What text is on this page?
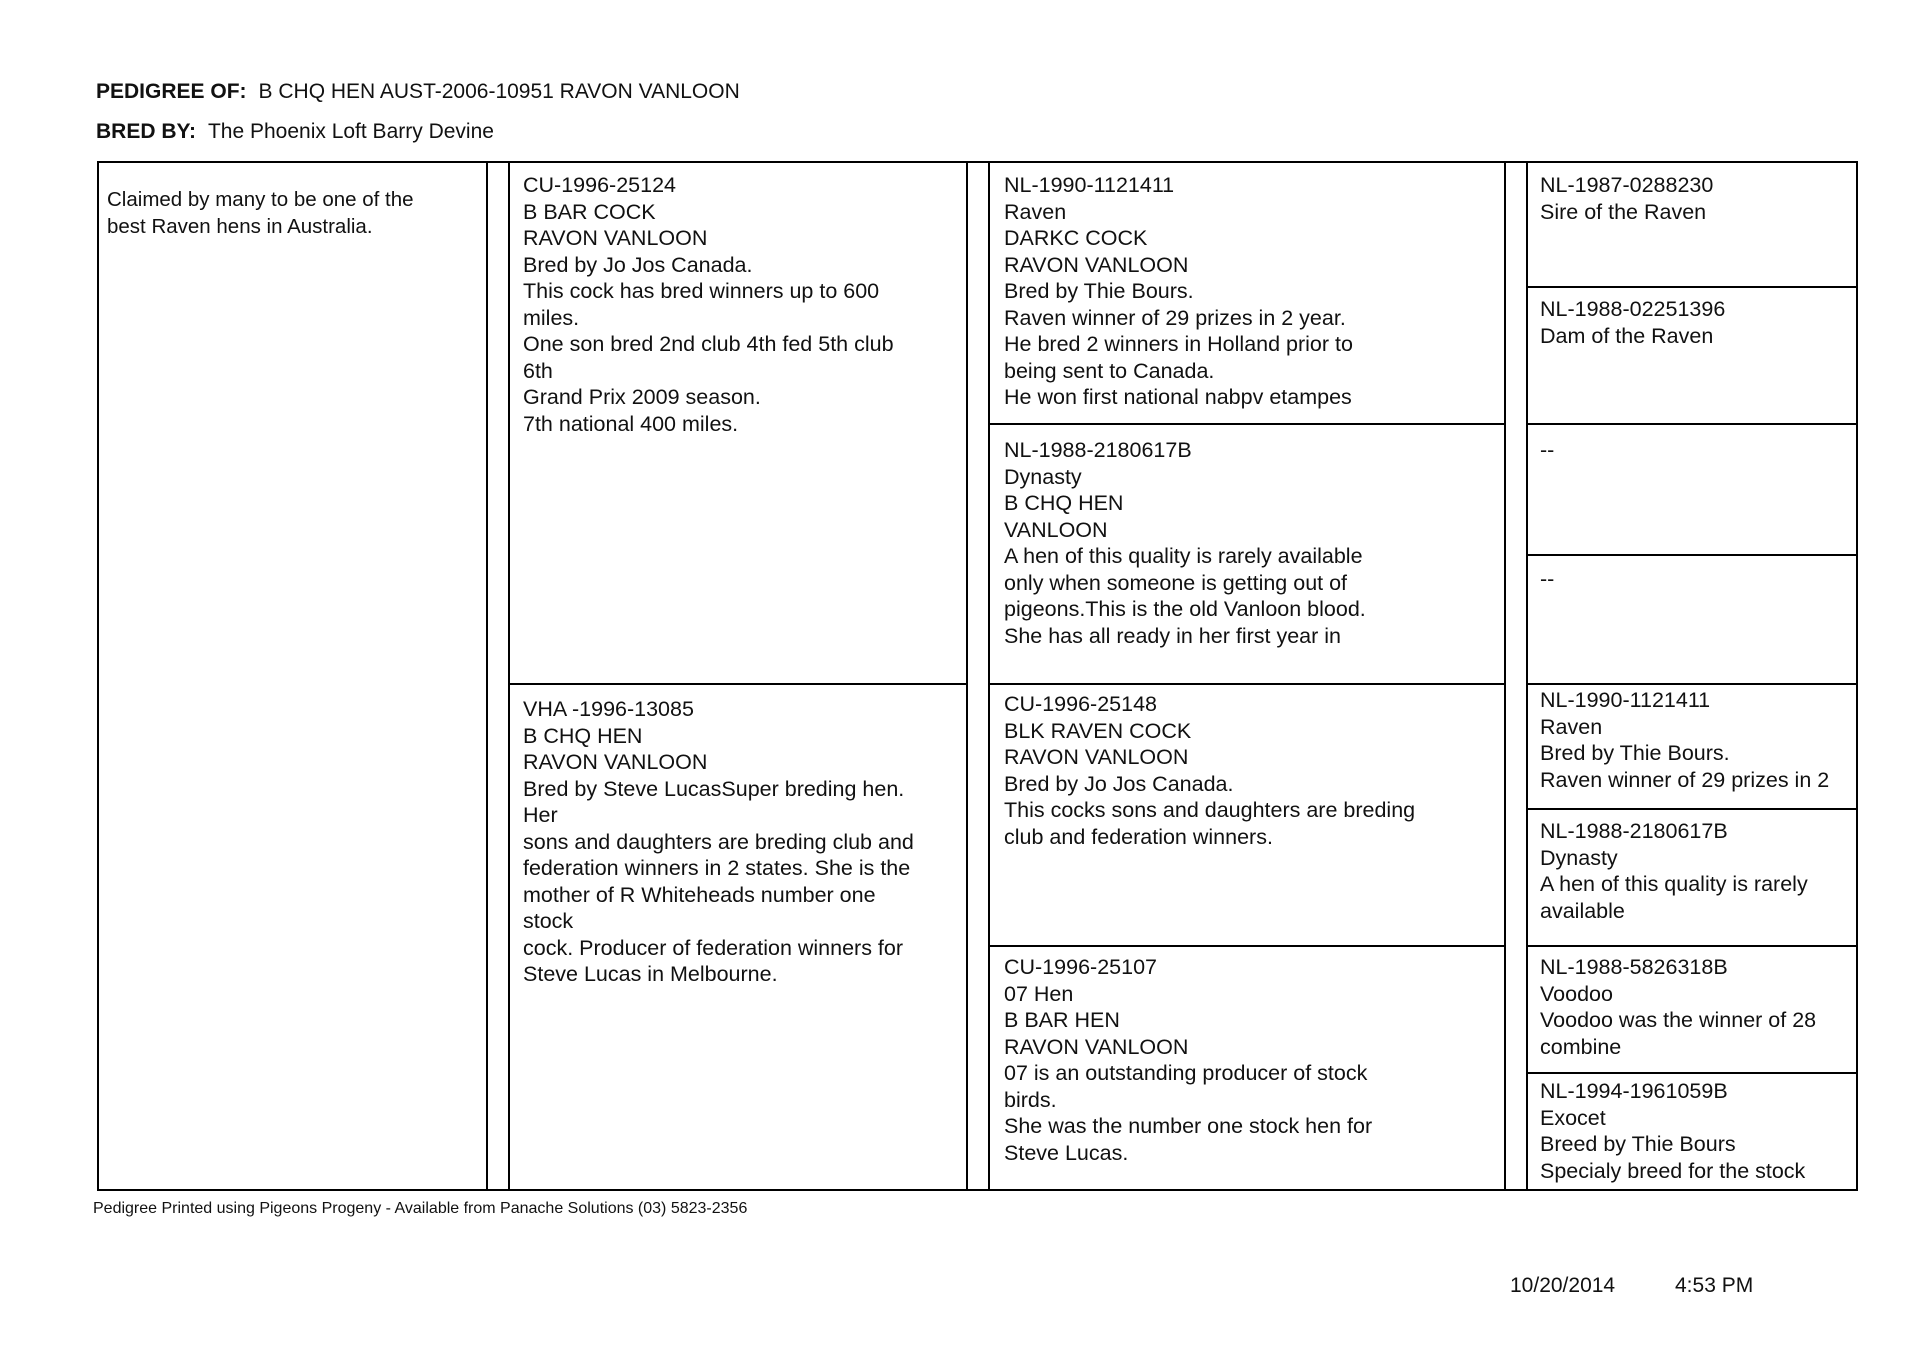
PEDIGREE OF: B CHQ HEN AUST-2006-10951 RAVON VANLOON
BRED BY: The Phoenix Loft Barry Devine
Claimed by many to be one of the
best Raven hens in Australia.
CU-1996-25124
B BAR COCK
RAVON VANLOON
Bred by Jo Jos Canada.
This cock has bred winners up to 600
miles.
One son bred 2nd club 4th fed 5th club
6th
Grand Prix 2009 season.
7th national 400 miles.
VHA -1996-13085
B CHQ HEN
RAVON VANLOON
Bred by Steve LucasSuper breding hen.
Her
sons and daughters are breding club and
federation winners in 2 states. She is the
mother of R Whiteheads number one
stock
cock. Producer of federation winners for
Steve Lucas in Melbourne.
NL-1990-1121411
Raven
DARKC COCK
RAVON VANLOON
Bred by Thie Bours.
Raven winner of 29 prizes in 2 year.
He bred 2 winners in Holland prior to
being sent to Canada.
He won first national nabpv etampes
NL-1988-2180617B
Dynasty
B CHQ HEN
VANLOON
A hen of this quality is rarely available
only when someone is getting out of
pigeons.This is the old Vanloon blood.
She has all ready in her first year in
CU-1996-25148
BLK RAVEN COCK
RAVON VANLOON
Bred by Jo Jos Canada.
This cocks sons and daughters are breding
club and federation winners.
CU-1996-25107
07 Hen
B BAR HEN
RAVON VANLOON
07 is an outstanding producer of stock
birds.
She was the number one stock hen for
Steve Lucas.
NL-1987-0288230
Sire of the Raven
NL-1988-02251396
Dam of the Raven
--
--
NL-1990-1121411
Raven
Bred by Thie Bours.
Raven winner of 29 prizes in 2
NL-1988-2180617B
Dynasty
A hen of this quality is rarely
available
NL-1988-5826318B
Voodoo
Voodoo was the winner of 28
combine
NL-1994-1961059B
Exocet
Breed by Thie Bours
Specialy breed for the stock
Pedigree Printed using Pigeons Progeny - Available from Panache Solutions (03) 5823-2356
10/20/2014	4:53 PM
